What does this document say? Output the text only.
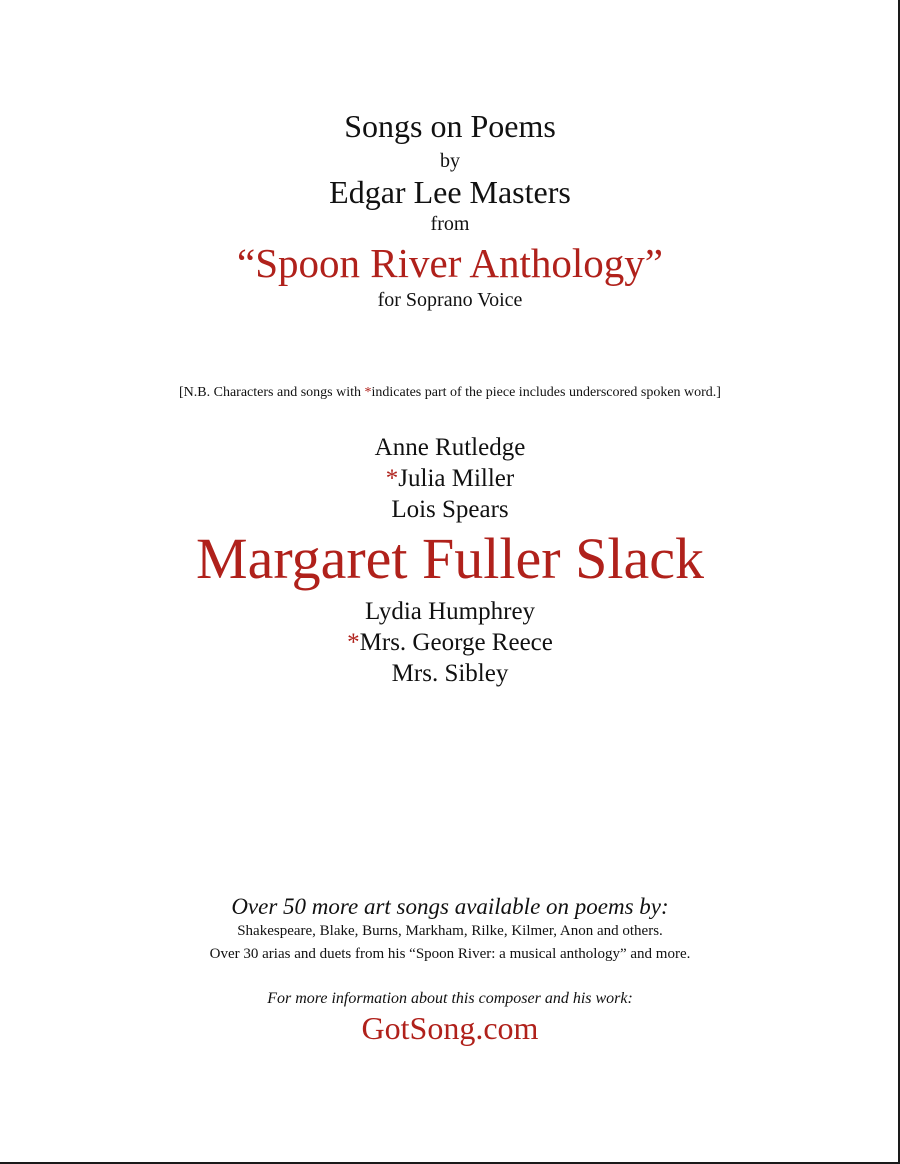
Songs on Poems
by
Edgar Lee Masters
from
“Spoon River Anthology”
for Soprano Voice
[N.B. Characters and songs with *indicates part of the piece includes underscored spoken word.]
Anne Rutledge
*Julia Miller
Lois Spears
Margaret Fuller Slack
Lydia Humphrey
*Mrs. George Reece
Mrs. Sibley
Over 50 more art songs available on poems by:
Shakespeare, Blake, Burns, Markham, Rilke, Kilmer, Anon and others.
Over 30 arias and duets from his “Spoon River: a musical anthology” and more.
For more information about this composer and his work:
GotSong.com
